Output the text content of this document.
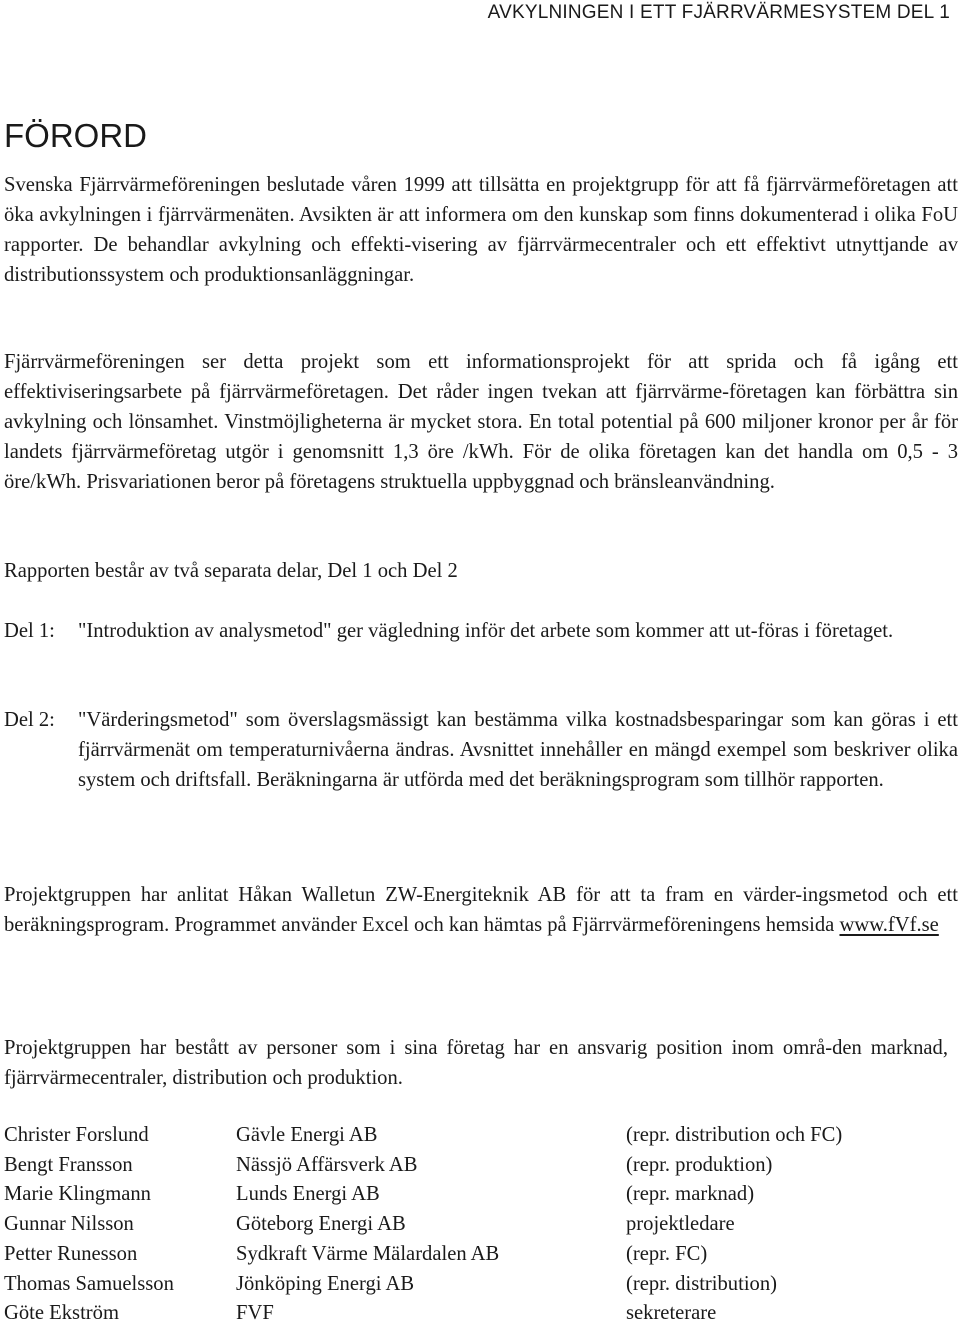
AVKYLNINGEN I ETT FJÄRRVÄRMESYSTEM DEL 1
FÖRORD

Svenska Fjärrvärmeföreningen beslutade våren 1999 att tillsätta en projektgrupp för att få fjärrvärmeföretagen att öka avkylningen i fjärrvärmenäten. Avsikten är att informera om den kunskap som finns dokumenterad i olika FoU rapporter. De behandlar avkylning och effekti-visering av fjärrvärmecentraler och ett effektivt utnyttjande av distributionssystem och produktionsanläggningar.

Fjärrvärmeföreningen ser detta projekt som ett informationsprojekt för att sprida och få igång ett effektiviseringsarbete på fjärrvärmeföretagen. Det råder ingen tvekan att fjärrvärme-företagen kan förbättra sin avkylning och lönsamhet. Vinstmöjligheterna är mycket stora. En total potential på 600 miljoner kronor per år för landets fjärrvärmeföretag utgör i genomsnitt 1,3 öre /kWh. För de olika företagen kan det handla om 0,5 - 3 öre/kWh. Prisvariationen beror på företagens struktuella uppbyggnad och bränsleanvändning.

Rapporten består av två separata delar, Del 1 och Del 2

Del 1: "Introduktion av analysmetod" ger vägledning inför det arbete som kommer att ut-föras i företaget.

Del 2: "Värderingsmetod" som överslagsmässigt kan bestämma vilka kostnadsbesparingar som kan göras i ett fjärrvärmenät om temperaturnivåerna ändras. Avsnittet innehåller en mängd exempel som beskriver olika system och driftsfall. Beräkningarna är utförda med det beräkningsprogram som tillhör rapporten.

Projektgruppen har anlitat Håkan Walletun ZW-Energiteknik AB för att ta fram en värder-ingsmetod och ett beräkningsprogram. Programmet använder Excel och kan hämtas på Fjärrvärmeföreningens hemsida www.fVf.se

Projektgruppen har bestått av personer som i sina företag har en ansvarig position inom områ-den marknad, fjärrvärmecentraler, distribution och produktion.

Christer Forslund	Gävle Energi AB	(repr. distribution och FC)
Bengt Fransson	Nässjö Affärsverk AB	(repr. produktion)
Marie Klingmann	Lunds Energi AB	(repr. marknad)
Gunnar Nilsson	Göteborg Energi AB	projektledare
Petter Runesson	Sydkraft Värme Mälardalen AB	(repr. FC)
Thomas Samuelsson	Jönköping Energi AB	(repr. distribution)
Göte Ekström	FVF	sekreterare
